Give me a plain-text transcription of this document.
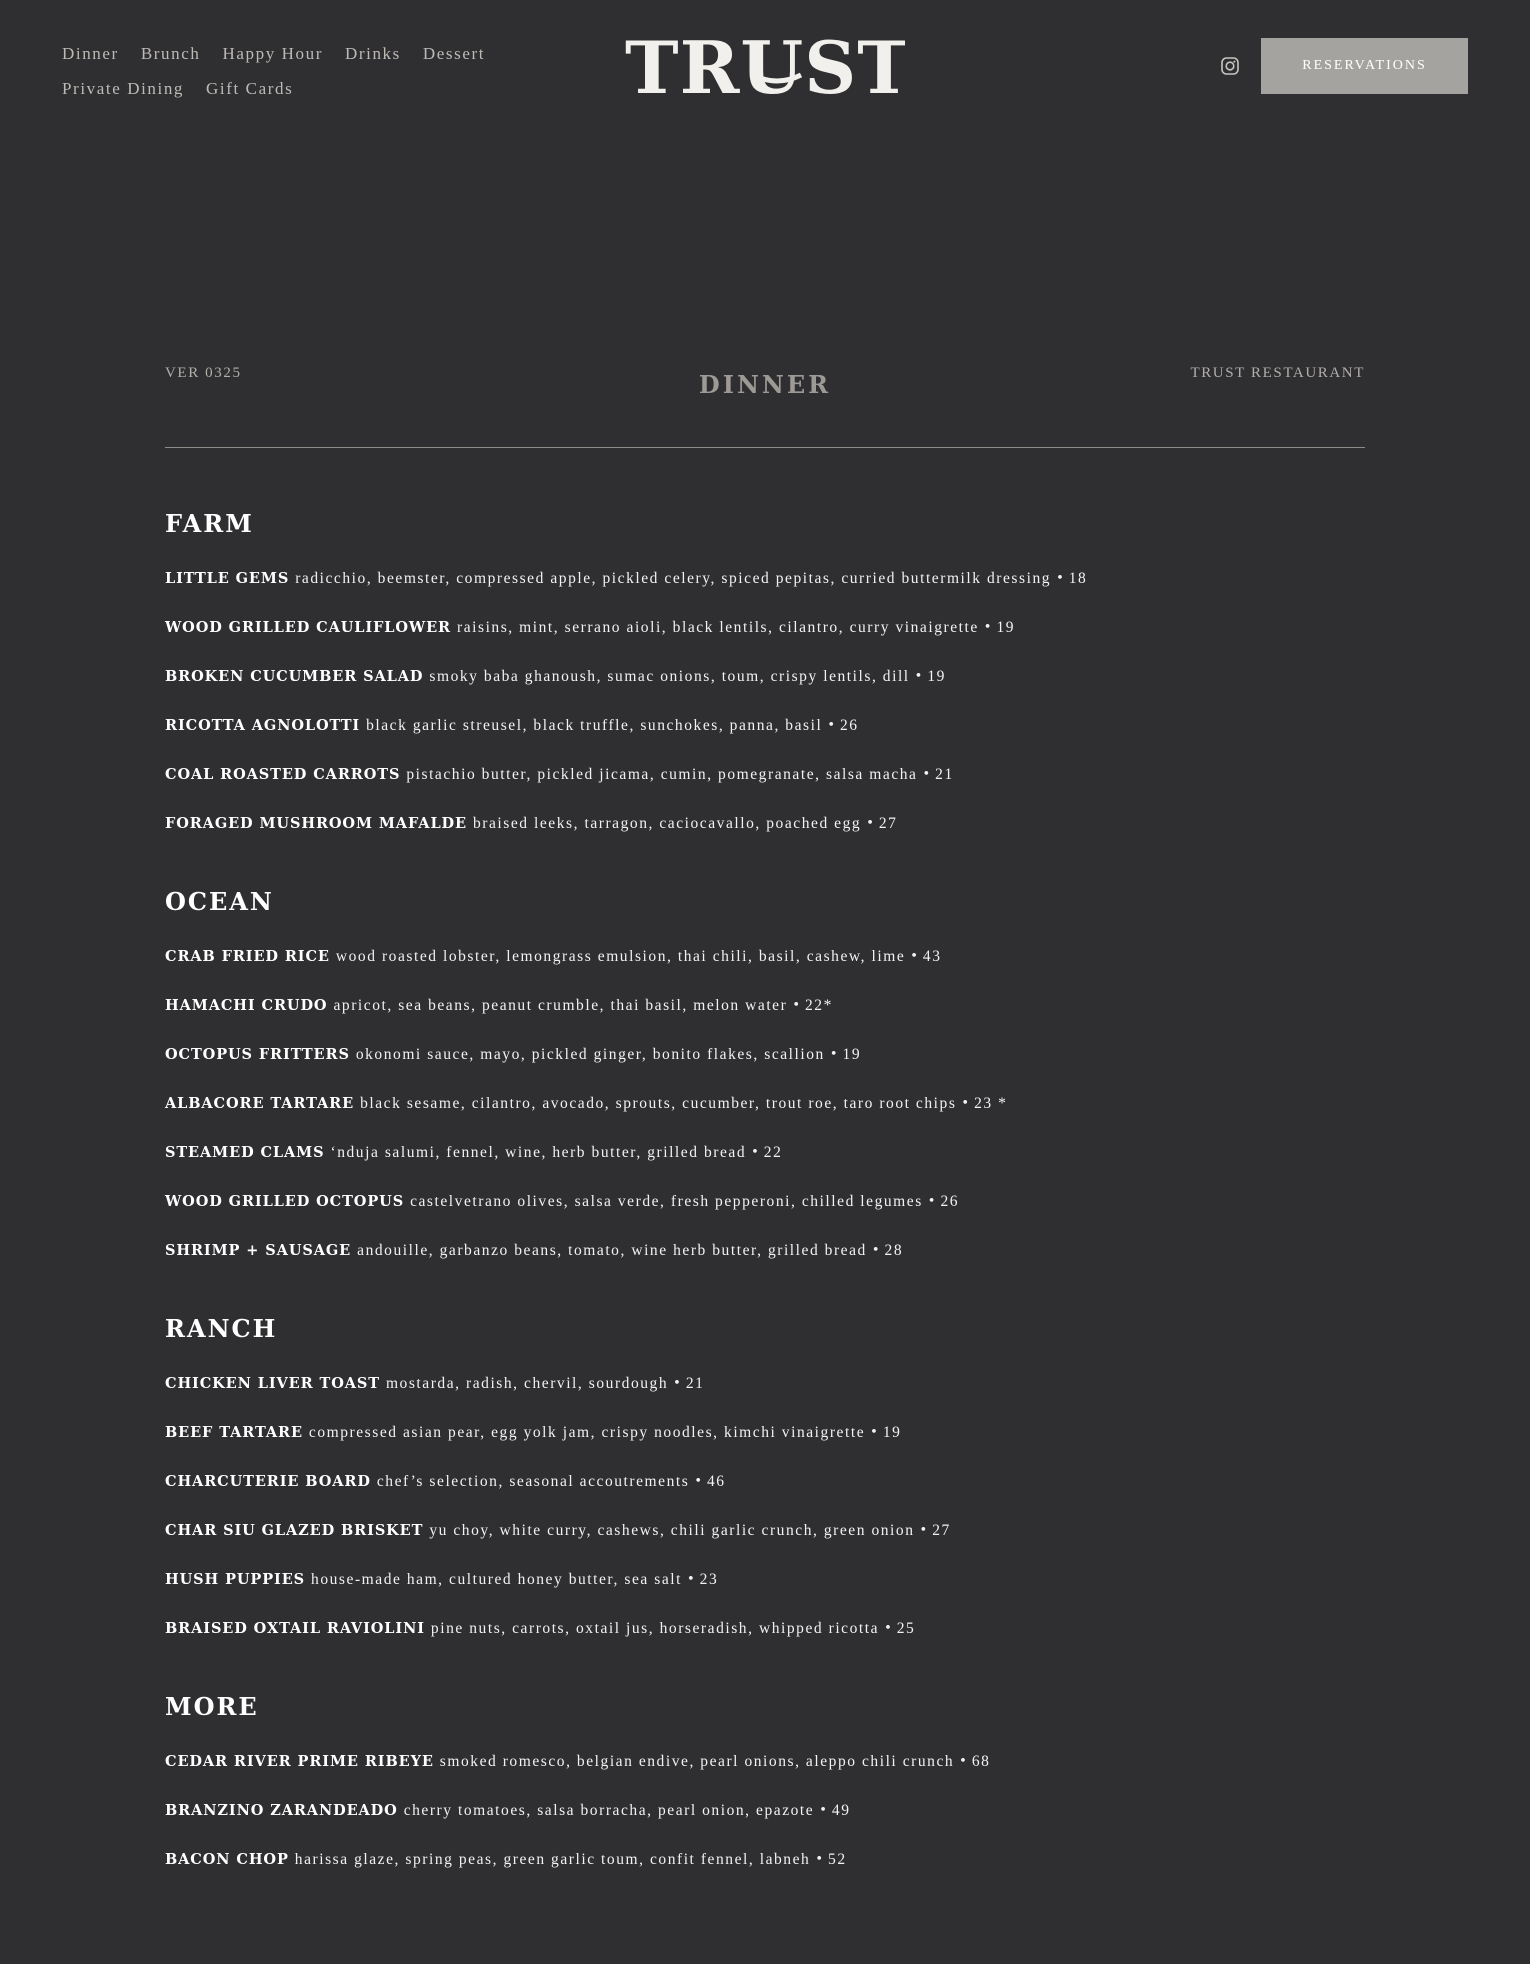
Dinner Brunch Happy Hour Drinks Dessert
Private Dining Gift Cards	TRUST.	RESERVATIONS
VER 0325	DINNER	TRUST RESTAURANT
FARM
LITTLE GEMS radicchio, beemster, compressed apple, pickled celery, spiced pepitas, curried buttermilk dressing • 18
WOOD GRILLED CAULIFLOWER raisins, mint, serrano aioli, black lentils, cilantro, curry vinaigrette • 19
BROKEN CUCUMBER SALAD smoky baba ghanoush, sumac onions, toum, crispy lentils, dill • 19
RICOTTA AGNOLOTTI black garlic streusel, black truffle, sunchokes, panna, basil • 26
COAL ROASTED CARROTS pistachio butter, pickled jicama, cumin, pomegranate, salsa macha • 21
FORAGED MUSHROOM MAFALDE braised leeks, tarragon, caciocavallo, poached egg • 27
OCEAN
CRAB FRIED RICE wood roasted lobster, lemongrass emulsion, thai chili, basil, cashew, lime • 43
HAMACHI CRUDO apricot, sea beans, peanut crumble, thai basil, melon water • 22*
OCTOPUS FRITTERS okonomi sauce, mayo, pickled ginger, bonito flakes, scallion • 19
ALBACORE TARTARE black sesame, cilantro, avocado, sprouts, cucumber, trout roe, taro root chips • 23 *
STEAMED CLAMS ‘nduja salumi, fennel, wine, herb butter, grilled bread • 22
WOOD GRILLED OCTOPUS castelvetrano olives, salsa verde, fresh pepperoni, chilled legumes • 26
SHRIMP + SAUSAGE andouille, garbanzo beans, tomato, wine herb butter, grilled bread • 28
RANCH
CHICKEN LIVER TOAST mostarda, radish, chervil, sourdough • 21
BEEF TARTARE compressed asian pear, egg yolk jam, crispy noodles, kimchi vinaigrette • 19
CHARCUTERIE BOARD chef’s selection, seasonal accoutrements • 46
CHAR SIU GLAZED BRISKET yu choy, white curry, cashews, chili garlic crunch, green onion • 27
HUSH PUPPIES house-made ham, cultured honey butter, sea salt • 23
BRAISED OXTAIL RAVIOLINI pine nuts, carrots, oxtail jus, horseradish, whipped ricotta • 25
MORE
CEDAR RIVER PRIME RIBEYE smoked romesco, belgian endive, pearl onions, aleppo chili crunch • 68
BRANZINO ZARANDEADO cherry tomatoes, salsa borracha, pearl onion, epazote • 49
BACON CHOP harissa glaze, spring peas, green garlic toum, confit fennel, labneh • 52
